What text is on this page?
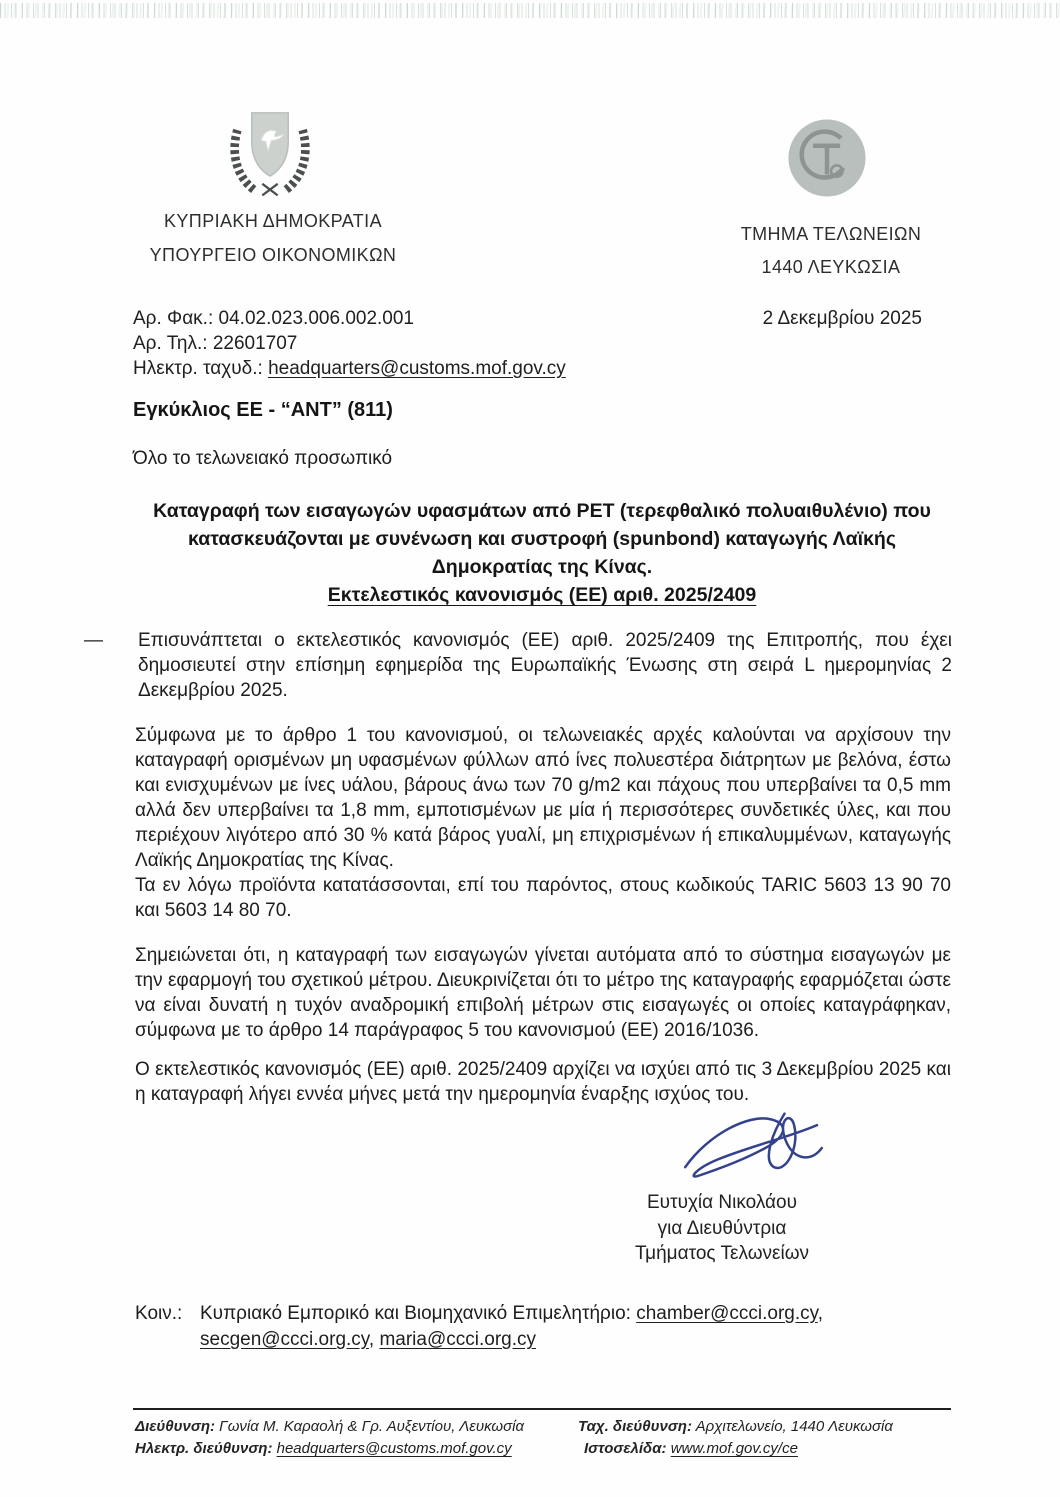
ΚΥΠΡΙΑΚΗ ΔΗΜΟΚΡΑΤΙΑ
ΥΠΟΥΡΓΕΙΟ ΟΙΚΟΝΟΜΙΚΩΝ
ΤΜΗΜΑ ΤΕΛΩΝΕΙΩΝ
1440 ΛΕΥΚΩΣΙΑ
Αρ. Φακ.: 04.02.023.006.002.001
Αρ. Τηλ.: 22601707
Ηλεκτρ. ταχυδ.: headquarters@customs.mof.gov.cy
2 Δεκεμβρίου 2025
Εγκύκλιος ΕΕ - “ΑΝΤ” (811)
Όλο το τελωνειακό προσωπικό
Καταγραφή των εισαγωγών υφασμάτων από PET (τερεφθαλικό πολυαιθυλένιο) που
κατασκευάζονται με συνένωση και συστροφή (spunbond) καταγωγής Λαϊκής
Δημοκρατίας της Κίνας.
Εκτελεστικός κανονισμός (ΕΕ) αριθ. 2025/2409
—	Επισυνάπτεται ο εκτελεστικός κανονισμός (ΕΕ) αριθ. 2025/2409 της Επιτροπής, που έχει δημοσιευτεί στην επίσημη εφημερίδα της Ευρωπαϊκής Ένωσης στη σειρά L ημερομηνίας 2 Δεκεμβρίου 2025.
Σύμφωνα με το άρθρο 1 του κανονισμού, οι τελωνειακές αρχές καλούνται να αρχίσουν την καταγραφή ορισμένων μη υφασμένων φύλλων από ίνες πολυεστέρα διάτρητων με βελόνα, έστω και ενισχυμένων με ίνες υάλου, βάρους άνω των 70 g/m2 και πάχους που υπερβαίνει τα 0,5 mm αλλά δεν υπερβαίνει τα 1,8 mm, εμποτισμένων με μία ή περισσότερες συνδετικές ύλες, και που περιέχουν λιγότερο από 30 % κατά βάρος γυαλί, μη επιχρισμένων ή επικαλυμμένων, καταγωγής Λαϊκής Δημοκρατίας της Κίνας.
Τα εν λόγω προϊόντα κατατάσσονται, επί του παρόντος, στους κωδικούς TARIC 5603 13 90 70 και 5603 14 80 70.
Σημειώνεται ότι, η καταγραφή των εισαγωγών γίνεται αυτόματα από το σύστημα εισαγωγών με την εφαρμογή του σχετικού μέτρου. Διευκρινίζεται ότι το μέτρο της καταγραφής εφαρμόζεται ώστε να είναι δυνατή η τυχόν αναδρομική επιβολή μέτρων στις εισαγωγές οι οποίες καταγράφηκαν, σύμφωνα με το άρθρο 14 παράγραφος 5 του κανονισμού (ΕΕ) 2016/1036.
Ο εκτελεστικός κανονισμός (ΕΕ) αριθ. 2025/2409 αρχίζει να ισχύει από τις 3 Δεκεμβρίου 2025 και η καταγραφή λήγει εννέα μήνες μετά την ημερομηνία έναρξης ισχύος του.
Ευτυχία Νικολάου
για Διευθύντρια
Τμήματος Τελωνείων
Κοιν.: Κυπριακό Εμπορικό και Βιομηχανικό Επιμελητήριο: chamber@ccci.org.cy, secgen@ccci.org.cy, maria@ccci.org.cy
Διεύθυνση: Γωνία Μ. Καραολή & Γρ. Αυξεντίου, Λευκωσία
Ηλεκτρ. διεύθυνση: headquarters@customs.mof.gov.cy
Ταχ. διεύθυνση: Αρχιτελωνείο, 1440 Λευκωσία
Ιστοσελίδα: www.mof.gov.cy/ce
